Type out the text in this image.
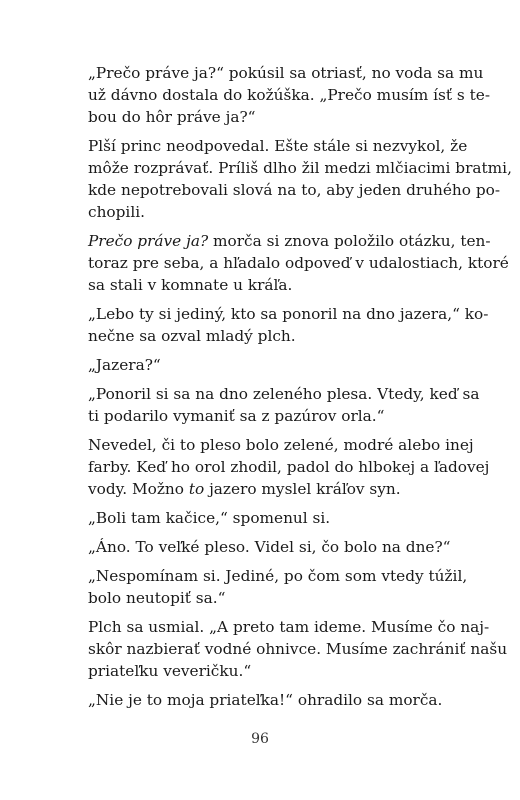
„Prečo práve ja?“ pokúsil sa otriasť, no voda sa mu
už dávno dostala do kožúška. „Prečo musím ísť s te-
bou do hôr práve ja?“

Plší princ neodpovedal. Ešte stále si nezvykol, že
môže rozprávať. Príliš dlho žil medzi mlčiacimi bratmi,
kde nepotrebovali slová na to, aby jeden druhého po-
chopili.

Prečo práve ja? morča si znova položilo otázku, ten-
toraz pre seba, a hľadalo odpoveď v udalostiach, ktoré
sa stali v komnate u kráľa.

„Lebo ty si jediný, kto sa ponoril na dno jazera,“ ko-
nečne sa ozval mladý plch.

„Jazera?“

„Ponoril si sa na dno zeleného plesa. Vtedy, keď sa
ti podarilo vymaniť sa z pazúrov orla.“

Nevedel, či to pleso bolo zelené, modré alebo inej
farby. Keď ho orol zhodil, padol do hlbokej a ľadovej
vody. Možno to jazero myslel kráľov syn.

„Boli tam kačice,“ spomenul si.

„Áno. To veľké pleso. Videl si, čo bolo na dne?“

„Nespomínam si. Jediné, po čom som vtedy túžil,
bolo neutopiť sa.“

Plch sa usmial. „A preto tam ideme. Musíme čo naj-
skôr nazbierať vodné ohnivce. Musíme zachrániť našu
priateľku veveričku.“

„Nie je to moja priateľka!“ ohradilo sa morča.

96
